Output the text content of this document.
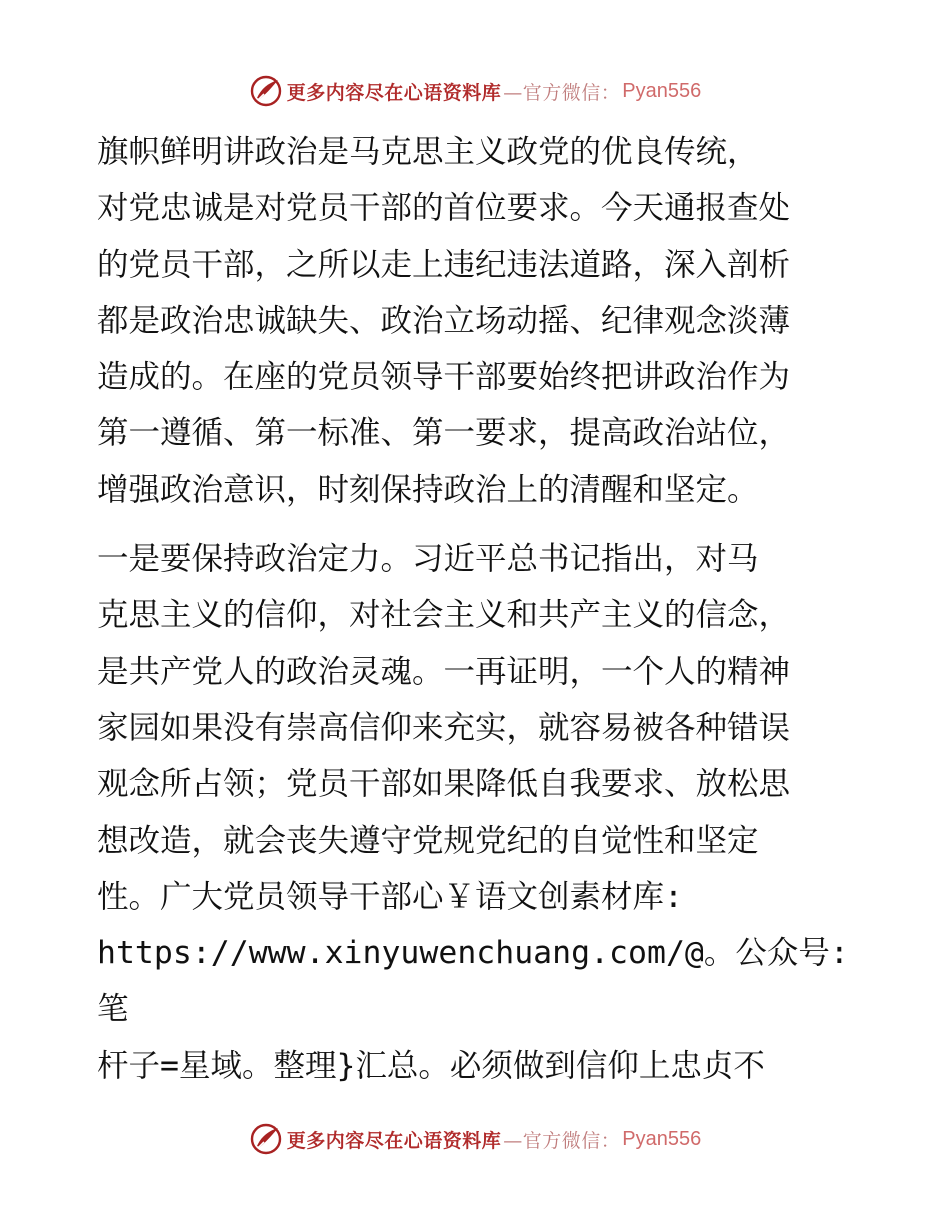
更多内容尽在心语资料库 —官方微信： Pyan556

旗帜鲜明讲政治是马克思主义政党的优良传统，
对党忠诚是对党员干部的首位要求。今天通报查处
的党员干部，之所以走上违纪违法道路，深入剖析
都是政治忠诚缺失、政治立场动摇、纪律观念淡薄
造成的。在座的党员领导干部要始终把讲政治作为
第一遵循、第一标准、第一要求，提高政治站位，
增强政治意识，时刻保持政治上的清醒和坚定。

一是要保持政治定力。习近平总书记指出，对马
克思主义的信仰，对社会主义和共产主义的信念，
是共产党人的政治灵魂。一再证明，一个人的精神
家园如果没有崇高信仰来充实，就容易被各种错误
观念所占领；党员干部如果降低自我要求、放松思
想改造，就会丧失遵守党规党纪的自觉性和坚定
性。广大党员领导干部心￥语文创素材库:
https://www.xinyuwenchuang.com/@。公众号: 笔
杆子=星域。整理}汇总。必须做到信仰上忠贞不

更多内容尽在心语资料库 —官方微信： Pyan556
